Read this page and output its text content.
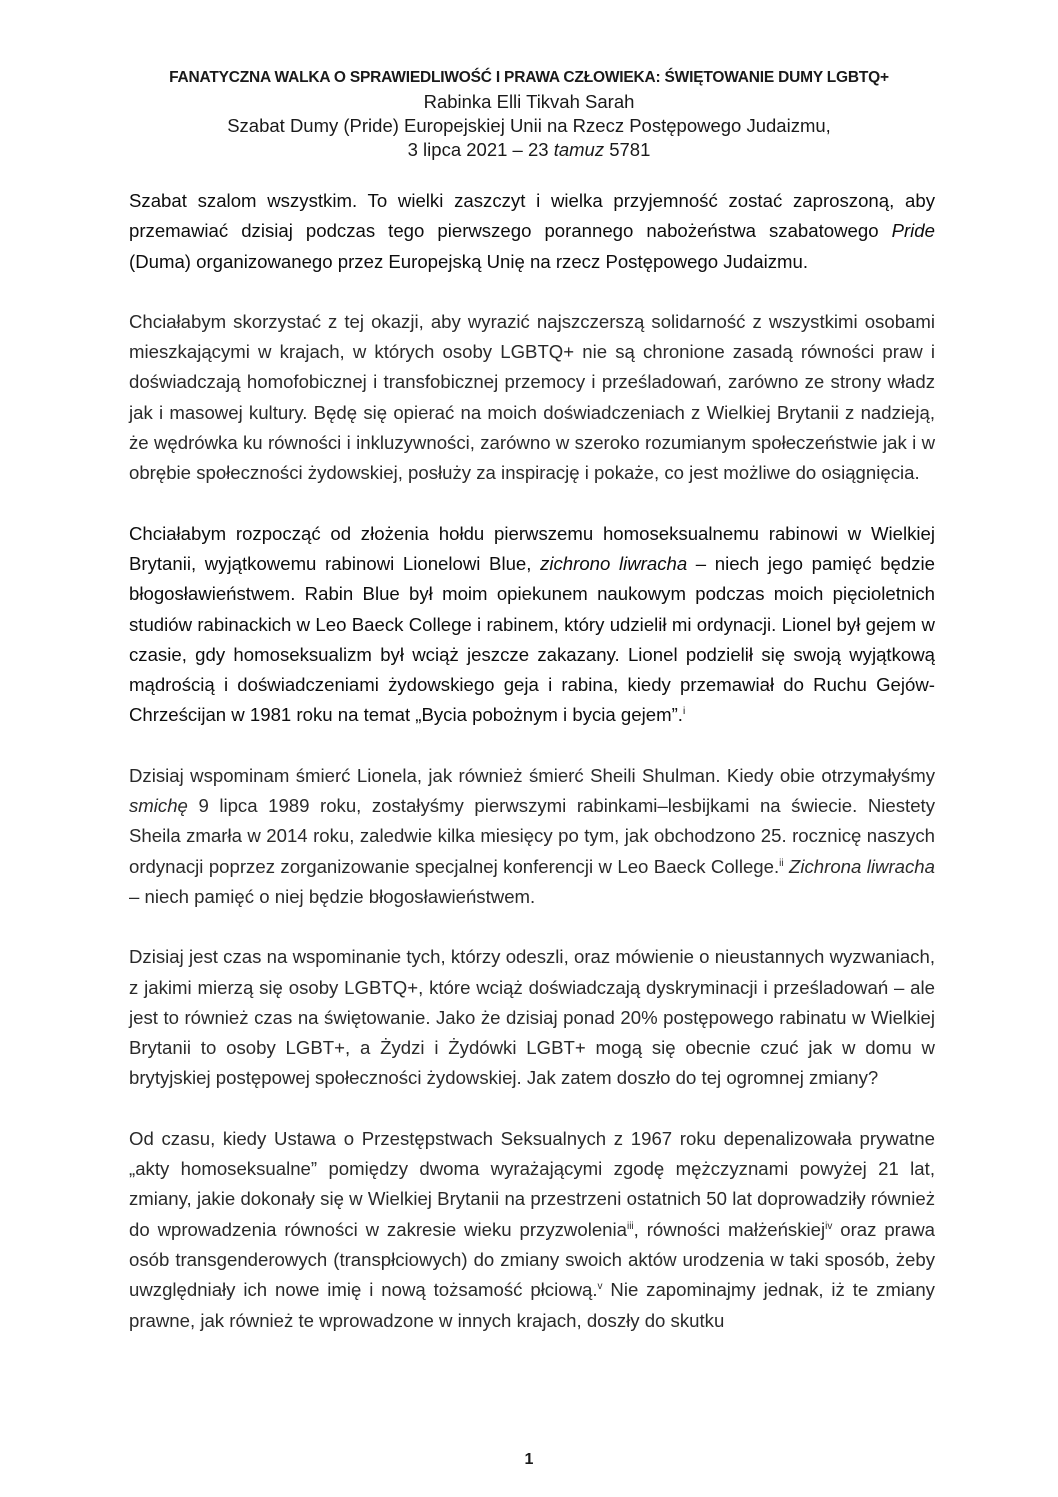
FANATYCZNA WALKA O SPRAWIEDLIWOŚĆ I PRAWA CZŁOWIEKA: ŚWIĘTOWANIE DUMY LGBTQ+
Rabinka Elli Tikvah Sarah
Szabat Dumy (Pride) Europejskiej Unii na Rzecz Postępowego Judaizmu,
3 lipca 2021 – 23 tamuz 5781

Szabat szalom wszystkim. To wielki zaszczyt i wielka przyjemność zostać zaproszoną, aby przemawiać dzisiaj podczas tego pierwszego porannego nabożeństwa szabatowego Pride (Duma) organizowanego przez Europejską Unię na rzecz Postępowego Judaizmu.

Chciałabym skorzystać z tej okazji, aby wyrazić najszczerszą solidarność z wszystkimi osobami mieszkającymi w krajach, w których osoby LGBTQ+ nie są chronione zasadą równości praw i doświadczają homofobicznej i transfobicznej przemocy i prześladowań, zarówno ze strony władz jak i masowej kultury. Będę się opierać na moich doświadczeniach z Wielkiej Brytanii z nadzieją, że wędrówka ku równości i inkluzywności, zarówno w szeroko rozumianym społeczeństwie jak i w obrębie społeczności żydowskiej, posłuży za inspirację i pokaże, co jest możliwe do osiągnięcia.

Chciałabym rozpocząć od złożenia hołdu pierwszemu homoseksualnemu rabinowi w Wielkiej Brytanii, wyjątkowemu rabinowi Lionelowi Blue, zichrono liwracha – niech jego pamięć będzie błogosławieństwem. Rabin Blue był moim opiekunem naukowym podczas moich pięcioletnich studiów rabinackich w Leo Baeck College i rabinem, który udzielił mi ordynacji. Lionel był gejem w czasie, gdy homoseksualizm był wciąż jeszcze zakazany. Lionel podzielił się swoją wyjątkową mądrością i doświadczeniami żydowskiego geja i rabina, kiedy przemawiał do Ruchu Gejów-Chrześcijan w 1981 roku na temat „Bycia pobożnym i bycia gejem”.$^i$

Dzisiaj wspominam śmierć Lionela, jak również śmierć Sheili Shulman. Kiedy obie otrzymałyśmy smichę 9 lipca 1989 roku, zostałyśmy pierwszymi rabinkami–lesbijkami na świecie. Niestety Sheila zmarła w 2014 roku, zaledwie kilka miesięcy po tym, jak obchodzono 25. rocznicę naszych ordynacji poprzez zorganizowanie specjalnej konferencji w Leo Baeck College.$^{ii}$ Zichrona liwracha – niech pamięć o niej będzie błogosławieństwem.

Dzisiaj jest czas na wspominanie tych, którzy odeszli, oraz mówienie o nieustannych wyzwaniach, z jakimi mierzą się osoby LGBTQ+, które wciąż doświadczają dyskryminacji i prześladowań – ale jest to również czas na świętowanie. Jako że dzisiaj ponad 20% postępowego rabinatu w Wielkiej Brytanii to osoby LGBT+, a Żydzi i Żydówki LGBT+ mogą się obecnie czuć jak w domu w brytyjskiej postępowej społeczności żydowskiej. Jak zatem doszło do tej ogromnej zmiany?

Od czasu, kiedy Ustawa o Przestępstwach Seksualnych z 1967 roku depenalizowała prywatne „akty homoseksualne” pomiędzy dwoma wyrażającymi zgodę mężczyznami powyżej 21 lat, zmiany, jakie dokonały się w Wielkiej Brytanii na przestrzeni ostatnich 50 lat doprowadziły również do wprowadzenia równości w zakresie wieku przyzwolenia$^{iii}$, równości małżeńskiej$^{iv}$ oraz prawa osób transgenderowych (transpłciowych) do zmiany swoich aktów urodzenia w taki sposób, żeby uwzględniały ich nowe imię i nową tożsamość płciową.$^v$ Nie zapominajmy jednak, iż te zmiany prawne, jak również te wprowadzone w innych krajach, doszły do skutku

1
